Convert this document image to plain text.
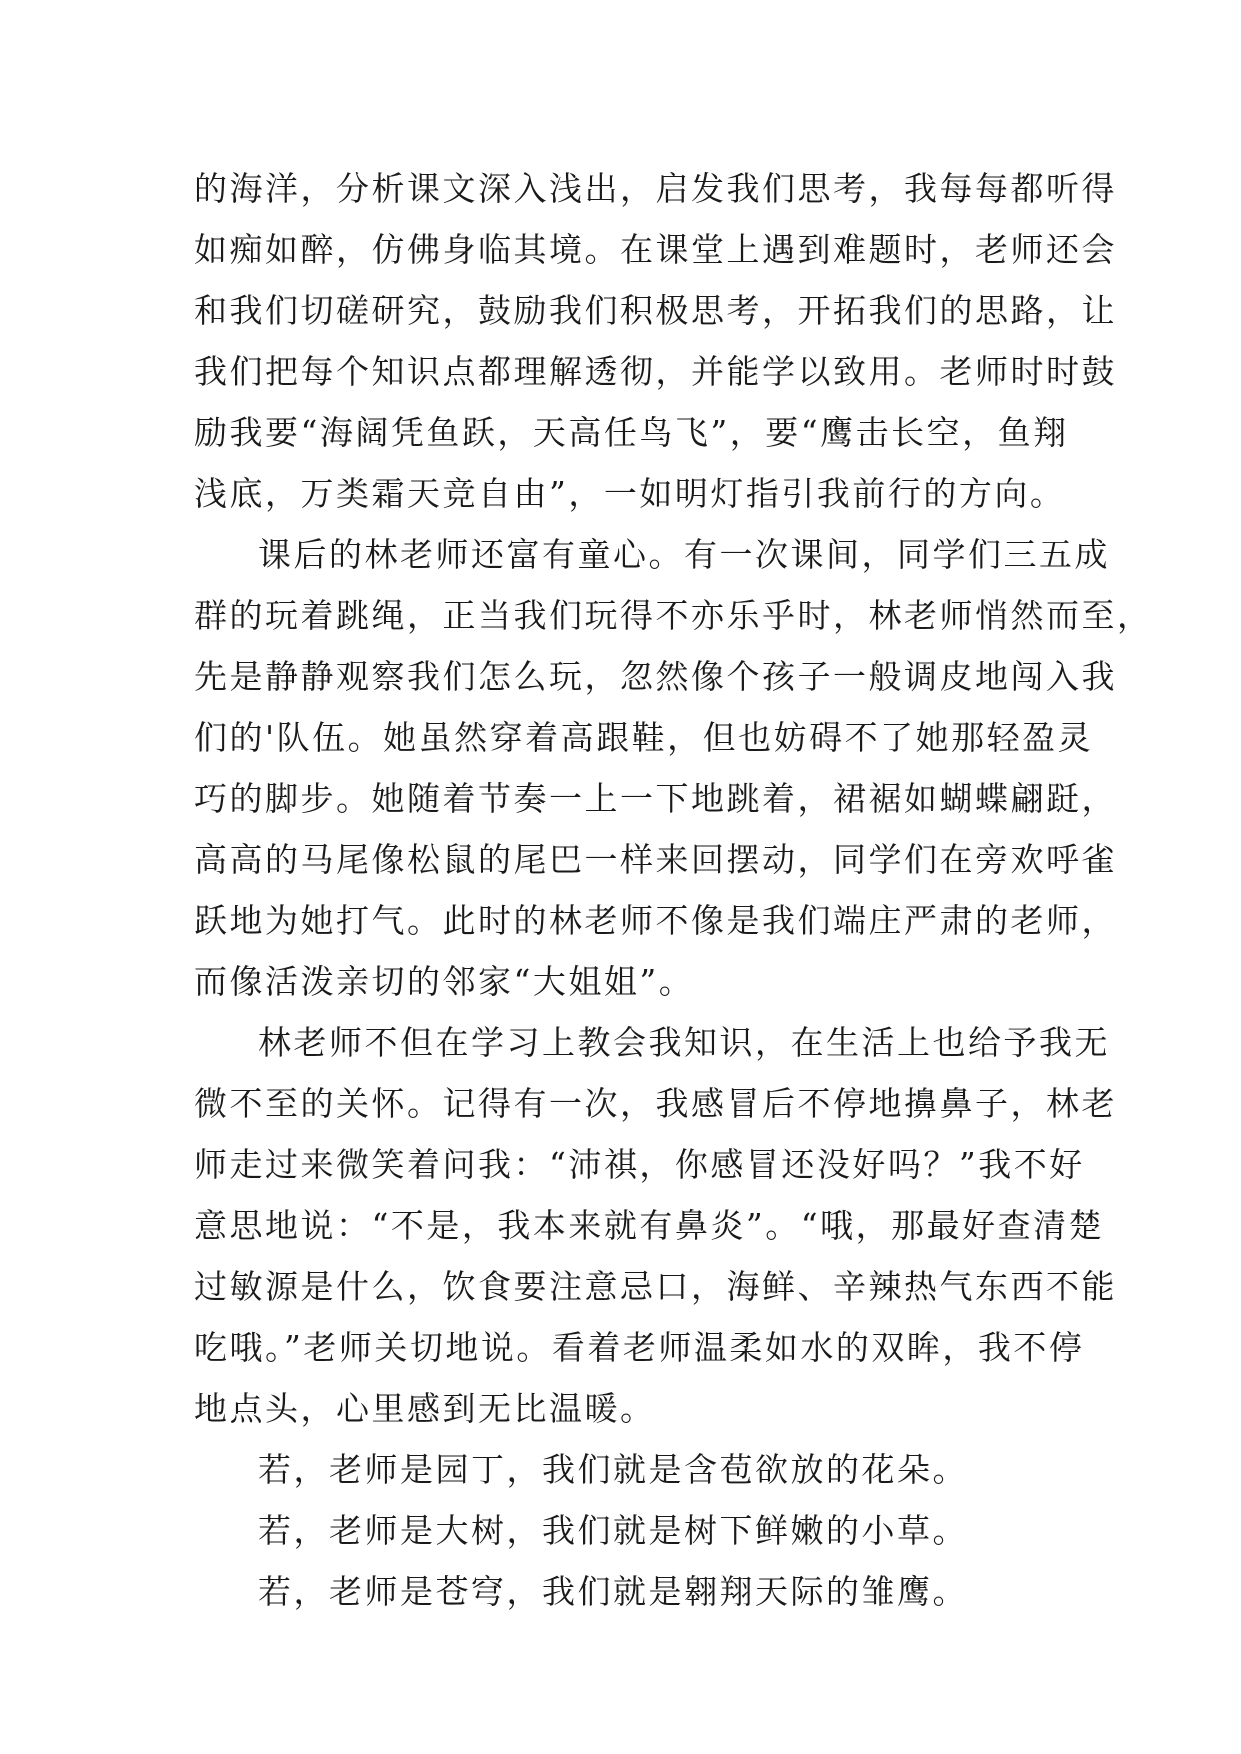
的海洋，分析课文深入浅出，启发我们思考，我每每都听得
如痴如醉，仿佛身临其境。在课堂上遇到难题时，老师还会
和我们切磋研究，鼓励我们积极思考，开拓我们的思路，让
我们把每个知识点都理解透彻，并能学以致用。老师时时鼓
励我要“海阔凭鱼跃，天高任鸟飞”，要“鹰击长空，鱼翔
浅底，万类霜天竞自由”，一如明灯指引我前行的方向。
课后的林老师还富有童心。有一次课间，同学们三五成
群的玩着跳绳，正当我们玩得不亦乐乎时，林老师悄然而至，
先是静静观察我们怎么玩，忽然像个孩子一般调皮地闯入我
们的'队伍。她虽然穿着高跟鞋，但也妨碍不了她那轻盈灵
巧的脚步。她随着节奏一上一下地跳着，裙裾如蝴蝶翩跹，
高高的马尾像松鼠的尾巴一样来回摆动，同学们在旁欢呼雀
跃地为她打气。此时的林老师不像是我们端庄严肃的老师，
而像活泼亲切的邻家“大姐姐”。
林老师不但在学习上教会我知识，在生活上也给予我无
微不至的关怀。记得有一次，我感冒后不停地擤鼻子，林老
师走过来微笑着问我：“沛祺，你感冒还没好吗？”我不好
意思地说：“不是，我本来就有鼻炎”。“哦，那最好查清楚
过敏源是什么，饮食要注意忌口，海鲜、辛辣热气东西不能
吃哦。”老师关切地说。看着老师温柔如水的双眸，我不停
地点头，心里感到无比温暖。
若，老师是园丁，我们就是含苞欲放的花朵。
若，老师是大树，我们就是树下鲜嫩的小草。
若，老师是苍穹，我们就是翱翔天际的雏鹰。
